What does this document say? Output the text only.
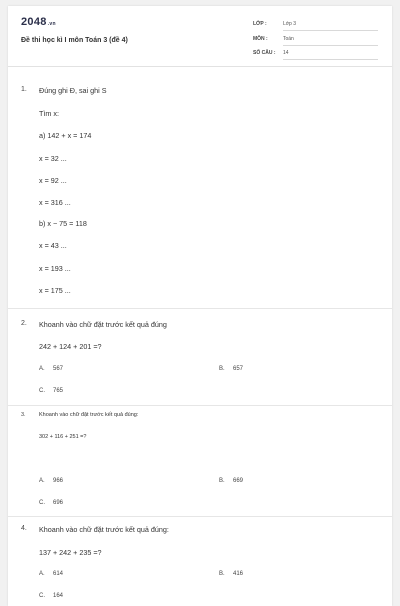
2048.vn
Đề thi học kì I môn Toán 3 (đề 4)
LỚP :	Lớp 3
MÔN :	Toán
SỐ CÂU : 14
1. Đúng ghi Đ, sai ghi S
Tìm x:
a) 142 + x = 174
x = 32 ...
x = 92 ...
x = 316 ...
b) x − 75 = 118
x = 43 ...
x = 193 ...
x = 175 ...
2. Khoanh vào chữ đặt trước kết quả đúng
242 + 124 + 201 =?
A. 567	B. 657
C. 765
3. Khoanh vào chữ đặt trước kết quả đúng:
302 + 116 + 251 =?
A. 966	B. 669
C. 696
4. Khoanh vào chữ đặt trước kết quả đúng:
137 + 242 + 235 =?
A. 614	B. 416
C. 164
